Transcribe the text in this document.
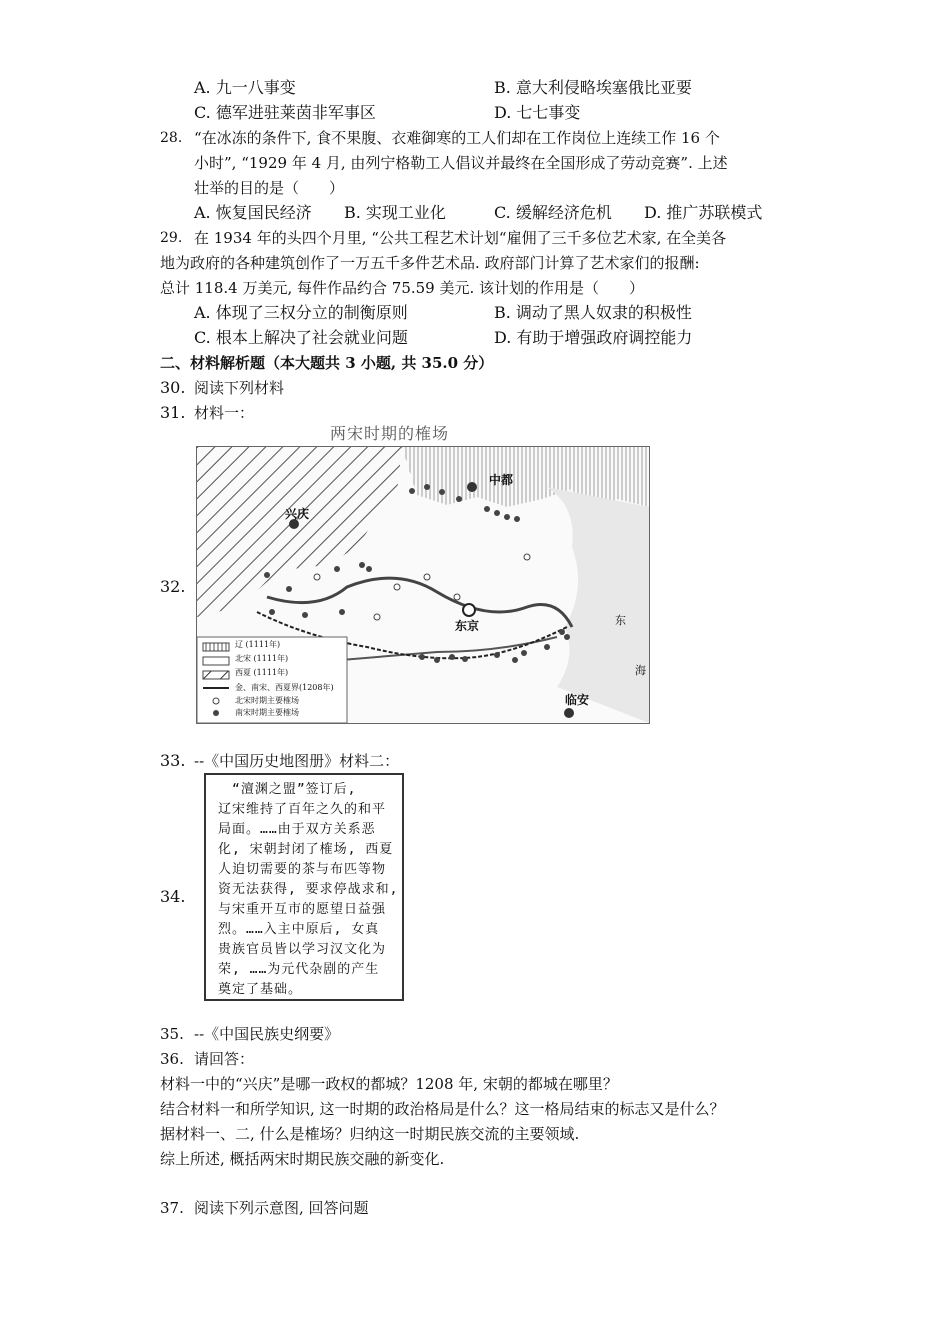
A. 九一八事变	B. 意大利侵略埃塞俄比亚要
C. 德军进驻莱茵非军事区	D. 七七事变
28. “在冰冻的条件下, 食不果腹、衣难御寒的工人们却在工作岗位上连续工作 16 个
小时”, “1929 年 4 月, 由列宁格勒工人倡议并最终在全国形成了劳动竞赛”. 上述
壮举的目的是（　　）
A. 恢复国民经济 B. 实现工业化	C. 缓解经济危机 D. 推广苏联模式
29. 在 1934 年的头四个月里, “公共工程艺术计划“雇佣了三千多位艺术家, 在全美各
地为政府的各种建筑创作了一万五千多件艺术品. 政府部门计算了艺术家们的报酬:
总计 118.4 万美元, 每件作品约合 75.59 美元. 该计划的作用是（　　）
A. 体现了三权分立的制衡原则	B. 调动了黑人奴隶的积极性
C. 根本上解决了社会就业问题	D. 有助于增强政府调控能力
二、材料解析题（本大题共 3 小题, 共 35.0 分）
30. 阅读下列材料
31. 材料一：
两宋时期的榷场
32.
中都
兴庆
东京
临安
东
海
辽 (1111年)
北宋 (1111年)
西夏 (1111年)
金、南宋、西夏界(1208年)
北宋时期主要榷场
南宋时期主要榷场
33. --《中国历史地图册》材料二：
34.
　“澶渊之盟”签订后,
辽宋维持了百年之久的和平
局面。……由于双方关系恶
化, 宋朝封闭了榷场, 西夏
人迫切需要的茶与布匹等物
资无法获得, 要求停战求和,
与宋重开互市的愿望日益强
烈。……入主中原后, 女真
贵族官员皆以学习汉文化为
荣, ……为元代杂剧的产生
奠定了基础。
35. --《中国民族史纲要》
36. 请回答：
材料一中的“兴庆”是哪一政权的都城？1208 年, 宋朝的都城在哪里？
结合材料一和所学知识, 这一时期的政治格局是什么？这一格局结束的标志又是什么？
据材料一、二, 什么是榷场？归纳这一时期民族交流的主要领域.
综上所述, 概括两宋时期民族交融的新变化.
37. 阅读下列示意图, 回答问题
